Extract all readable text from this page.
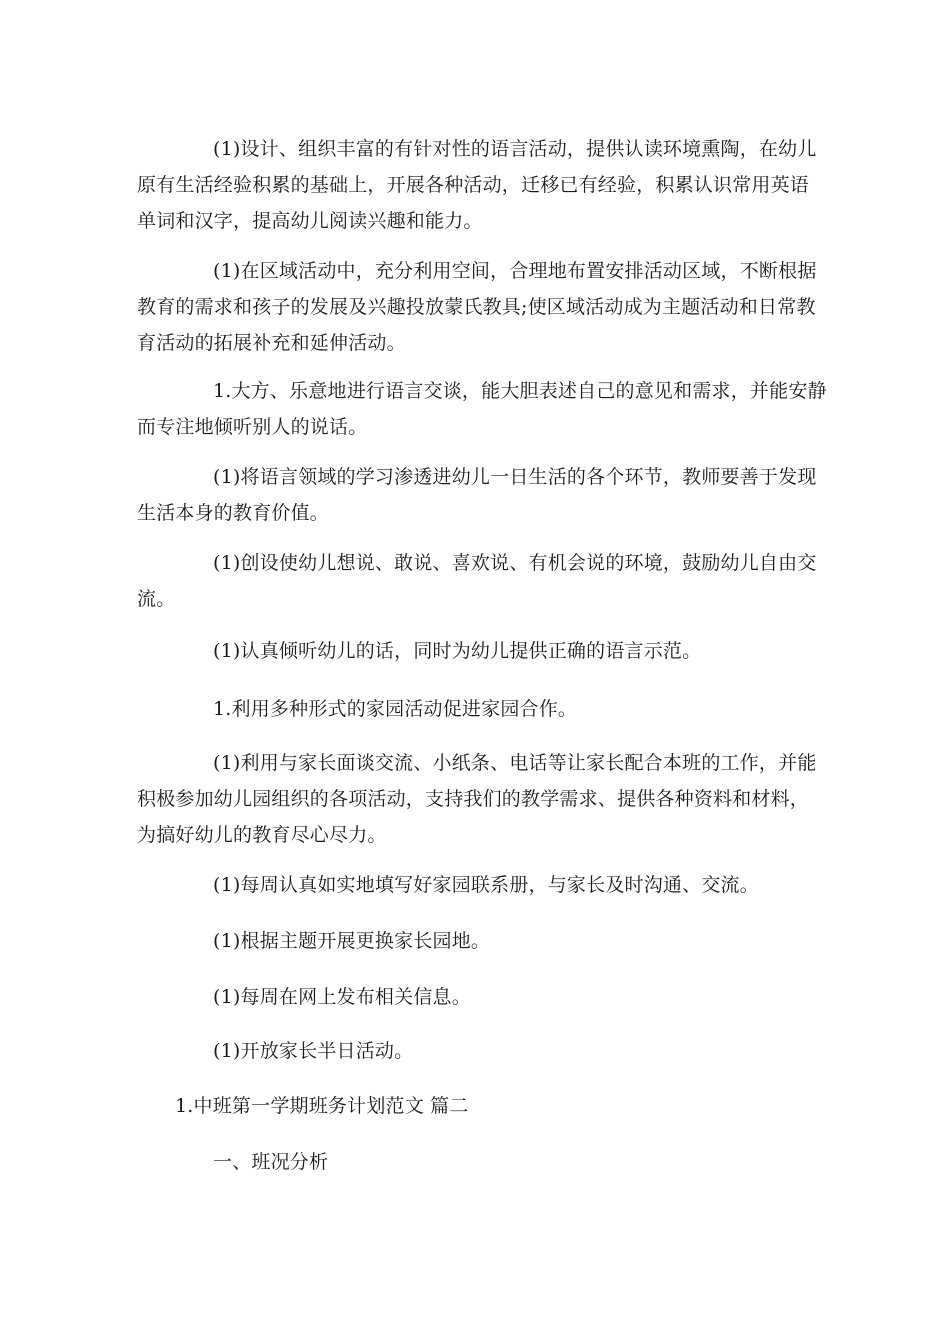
(1)设计、组织丰富的有针对性的语言活动，提供认读环境熏陶，在幼儿原有生活经验积累的基础上，开展各种活动，迁移已有经验，积累认识常用英语单词和汉字，提高幼儿阅读兴趣和能力。

(1)在区域活动中，充分利用空间，合理地布置安排活动区域，不断根据教育的需求和孩子的发展及兴趣投放蒙氏教具;使区域活动成为主题活动和日常教育活动的拓展补充和延伸活动。

1.大方、乐意地进行语言交谈，能大胆表述自己的意见和需求，并能安静而专注地倾听别人的说话。

(1)将语言领域的学习渗透进幼儿一日生活的各个环节，教师要善于发现生活本身的教育价值。

(1)创设使幼儿想说、敢说、喜欢说、有机会说的环境，鼓励幼儿自由交流。

(1)认真倾听幼儿的话，同时为幼儿提供正确的语言示范。

1.利用多种形式的家园活动促进家园合作。

(1)利用与家长面谈交流、小纸条、电话等让家长配合本班的工作，并能积极参加幼儿园组织的各项活动，支持我们的教学需求、提供各种资料和材料，为搞好幼儿的教育尽心尽力。

(1)每周认真如实地填写好家园联系册，与家长及时沟通、交流。

(1)根据主题开展更换家长园地。

(1)每周在网上发布相关信息。

(1)开放家长半日活动。

1.中班第一学期班务计划范文 篇二

一、班况分析
